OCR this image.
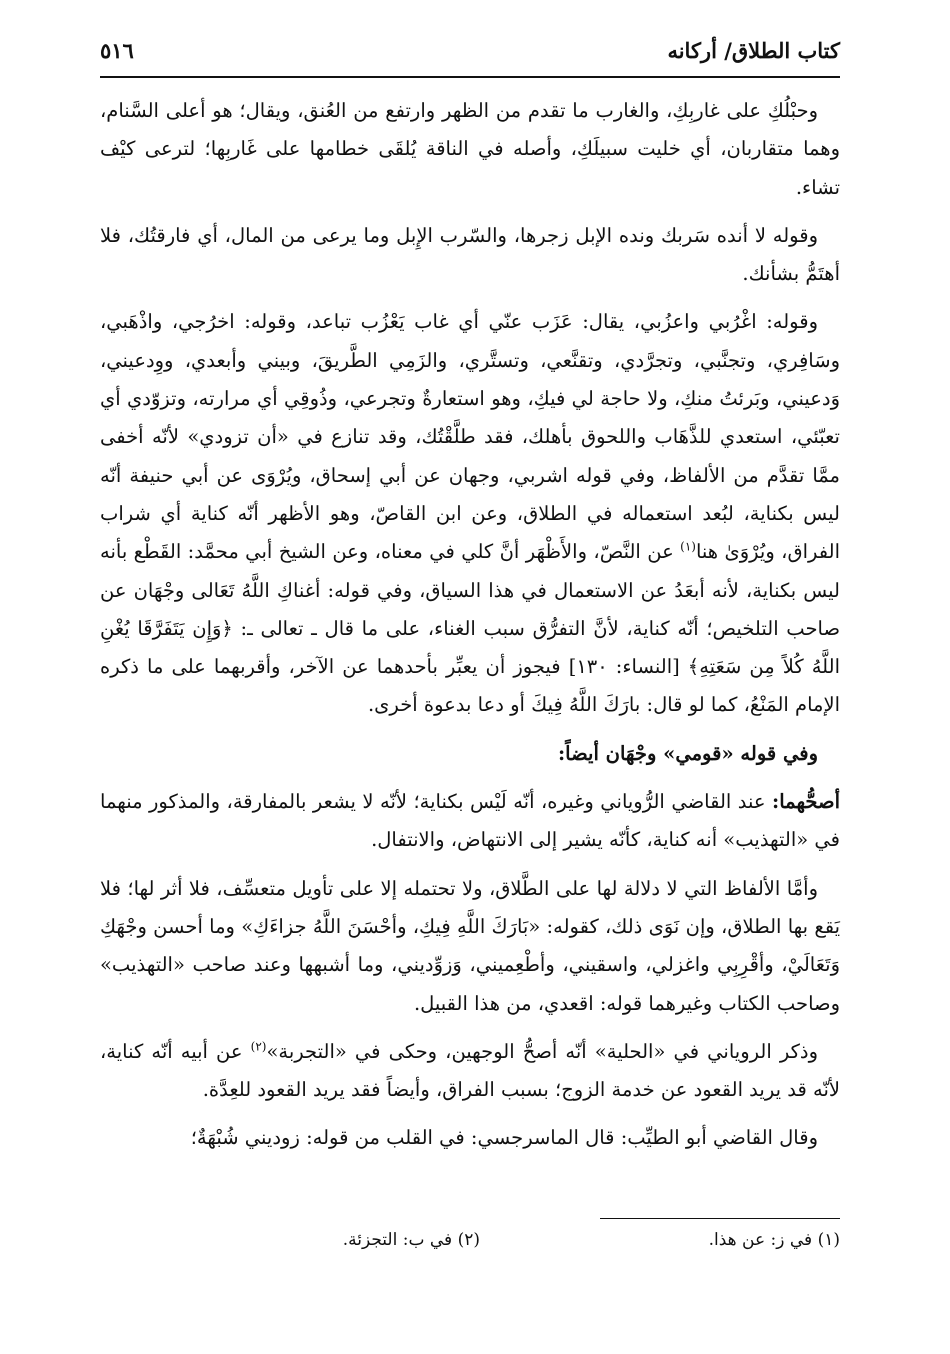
كتاب الطلاق/ أركانه
٥١٦

وحبْلُكِ على غاربِكِ، والغارب ما تقدم من الظهر وارتفع من العُنق، ويقال؛ هو أعلى السَّنام، وهما متقاربان، أي خليت سبيلَكِ، وأصله في الناقة يُلقَى خطامها على غَاربِها؛ لترعى كيْف تشاء.

وقوله لا أنده سَربك ونده الإبل زجرها، والسّرب الإِبل وما يرعى من المال، أي فارقتُك، فلا أهتَمُّ بشأنك.

وقوله: اغْرُبي واعزُبي، يقال: عَزَب عنّي أي غاب يَعْزُب تباعد، وقوله: اخرُجي، واذْهَبي، وسَافِري، وتجنَّبي، وتجرَّدي، وتقنَّعي، وتستَّري، والزَمِي الطَّريقَ، وبيني وأبعدي، ووِدعيني، وَدعيني، وبَرئتُ منكِ، ولا حاجة لي فيكِ، وهو استعارةٌ وتجرعي، وذُوقِي أي مرارته، وتزوّدي أي تعبّئي، استعدي للذَّهَاب واللحوق بأهلك، فقد طلَّقْتُك، وقد تنازع في «أن تزودي» لأنّه أخفى ممَّا تقدَّم من الألفاظ، وفي قوله اشربي، وجهان عن أبي إسحاق، ويُرْوَى عن أبي حنيفة أنّه ليس بكناية، لبُعد استعماله في الطلاق، وعن ابن القاصّ، وهو الأظهر أنّه كناية أي شراب الفراق، ويُرْوَىٰ هنا$^{(١)}$ عن النَّصّ، والأَظْهَر أنَّ كلي في معناه، وعن الشيخ أبي محمَّد: القَطْع بأنه ليس بكناية، لأنه أبعَدُ عن الاستعمال في هذا السياق، وفي قوله: أغناكِ اللَّهُ تَعَالى وجْهَان عن صاحب التلخيص؛ أنّه كناية، لأنَّ التفرُّق سبب الغناء، على ما قال ـ تعالى ـ: ﴿وَإِن يَتَفَرَّقَا يُغْنِ اللَّهُ كُلاً مِن سَعَتِهِ﴾ [النساء: ١٣٠] فيجوز أن يعبِّر بأحدهما عن الآخر، وأقربهما على ما ذكره الإمام المَنْعُ، كما لو قال: بارَكَ اللَّهُ فِيكَ أو دعا بدعوة أخرى.

وفي قوله «قومي» وجْهَان أيضاً:

أصحُّهما: عند القاضي الرُّوياني وغيره، أنّه لَيْس بكناية؛ لأنّه لا يشعر بالمفارقة، والمذكور منهما في «التهذيب» أنه كناية، كأنّه يشير إلى الانتهاض، والانتفال.

وأمَّا الألفاظ التي لا دلالة لها على الطَّلاق، ولا تحتمله إلا على تأويل متعسِّف، فلا أثر لها؛ فلا يَقع بها الطلاق، وإن نَوَى ذلك، كقوله: «بَارَكَ اللَّهِ فِيكِ، وأحْسَنَ اللَّهُ جزاءَكِ» وما أحسن وجْهَكِ وَتَعَالَيْ، وأقْرِبِي واغزلي، واسقيني، وأطْعِميني، وَزوِّديني، وما أشبهها وعند صاحب «التهذيب» وصاحب الكتاب وغيرهما قوله: اقعدي، من هذا القبيل.

وذكر الروياني في «الحلية» أنّه أصحُّ الوجهين، وحكى في «التجربة»$^{(٢)}$ عن أبيه أنّه كناية، لأنّه قد يريد القعود عن خدمة الزوج؛ بسبب الفراق، وأيضاً فقد يريد القعود للعِدَّة.

وقال القاضي أبو الطيِّب: قال الماسرجسي: في القلب من قوله: زوديني شُبْهَةٌ؛

(١) في ز: عن هذا.
(٢) في ب: التجزئة.
